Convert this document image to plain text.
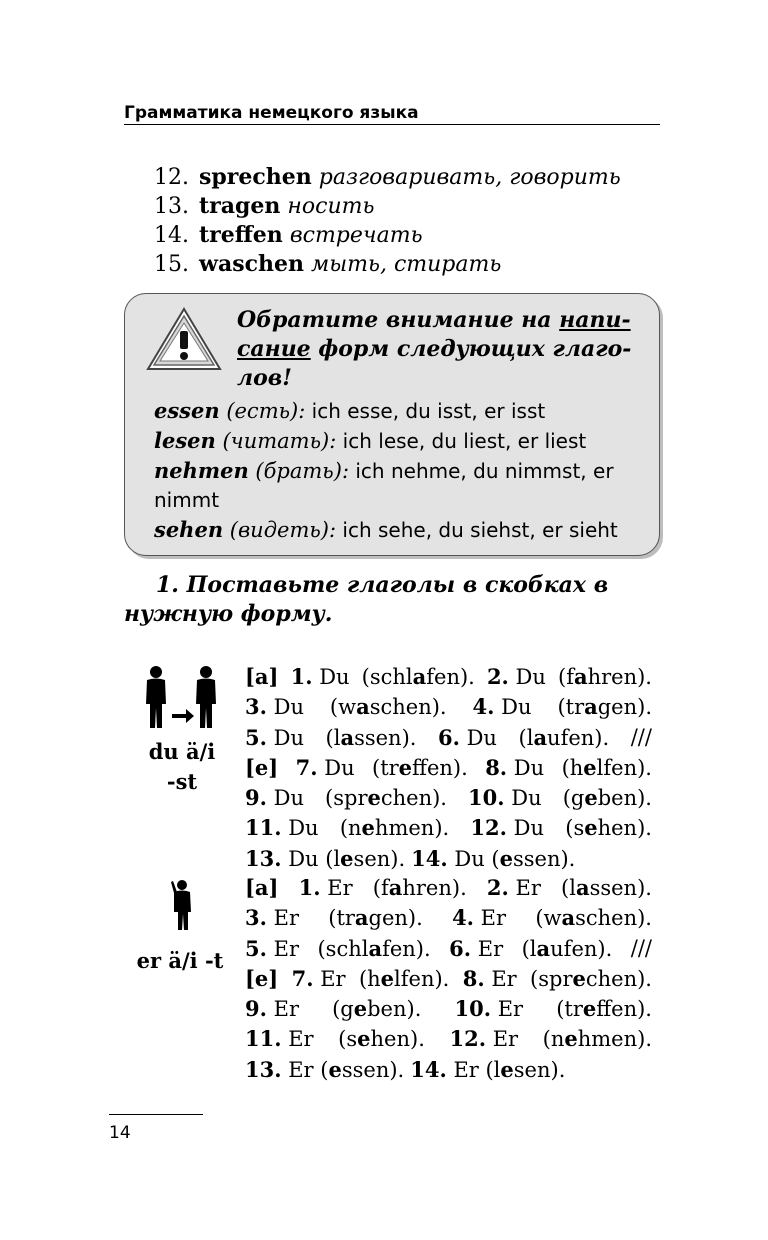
Грамматика немецкого языка
12. sprechen разговаривать, говорить
13. tragen носить
14. treffen встречать
15. waschen мыть, стирать
Обратите внимание на напи-
сание форм следующих глаго-
лов!
essen (есть): ich esse, du isst, er isst
lesen (читать): ich lese, du liest, er liest
nehmen (брать): ich nehme, du nimmst, er nimmt
sehen (видеть): ich sehe, du siehst, er sieht
1. Поставьте глаголы в скобках в нужную форму.
du ä/i
-st
[a] 1. Du (schlafen). 2. Du (fahren).
3. Du (waschen). 4. Du (tragen).
5. Du (lassen). 6. Du (laufen). ///
[e] 7. Du (treffen). 8. Du (helfen).
9. Du (sprechen). 10. Du (geben).
11. Du (nehmen). 12. Du (sehen).
13. Du (lesen). 14. Du (essen).
er ä/i -t
[a] 1. Er (fahren). 2. Er (lassen).
3. Er (tragen). 4. Er (waschen).
5. Er (schlafen). 6. Er (laufen). ///
[e] 7. Er (helfen). 8. Er (sprechen).
9. Er (geben). 10. Er (treffen).
11. Er (sehen). 12. Er (nehmen).
13. Er (essen). 14. Er (lesen).
14
